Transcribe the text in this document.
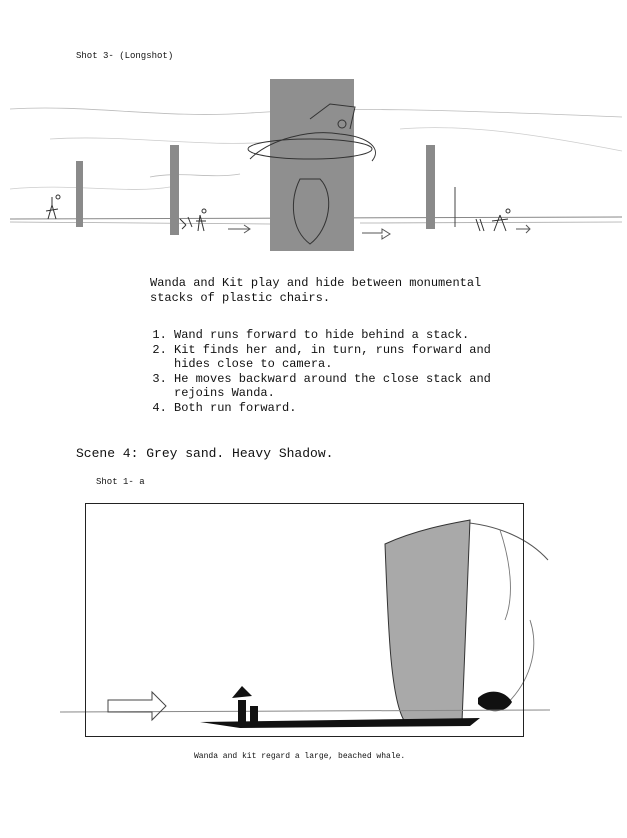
Shot 3- (Longshot)
Wanda and Kit play and hide between monumental stacks of plastic chairs.
1. Wand runs forward to hide behind a stack.
2. Kit finds her and, in turn, runs forward and hides close to camera.
3. He moves backward around the close stack and rejoins Wanda.
4. Both run forward.
Scene 4: Grey sand. Heavy Shadow.
Shot 1- a
Wanda and kit regard a large, beached whale.
